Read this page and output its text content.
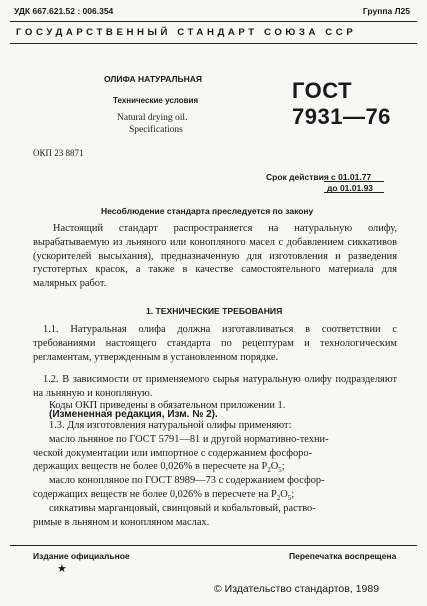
УДК 667.621.52 : 006.354	Группа Л25
ГОСУДАРСТВЕННЫЙ СТАНДАРТ СОЮЗА ССР
ОЛИФА НАТУРАЛЬНАЯ
Технические условия
Natural drying oil.
Specifications
ГОСТ
7931—76
ОКП 23 8871
Срок действия с 01.01.77
до 01.01.93
Несоблюдение стандарта преследуется по закону
Настоящий стандарт распространяется на натуральную олифу, вырабатываемую из льняного или конопляного масел с добавлением сиккативов (ускорителей высыхания), предназначенную для изготовления и разведения густотертых красок, а также в качестве самостоятельного материала для малярных работ.
1. ТЕХНИЧЕСКИЕ ТРЕБОВАНИЯ
1.1. Натуральная олифа должна изготавливаться в соответствии с требованиями настоящего стандарта по рецептурам и технологическим регламентам, утвержденным в установленном порядке.
1.2. В зависимости от применяемого сырья натуральную олифу подразделяют на льняную и конопляную.
Коды ОКП приведены в обязательном приложении 1.
(Измененная редакция, Изм. № 2).
1.3. Для изготовления натуральной олифы применяют:
масло льняное по ГОСТ 5791—81 и другой нормативно-техни-
ческой документации или импортное с содержанием фосфоро-
держащих веществ не более 0,026% в пересчете на $P_2O_5$;
масло конопляное по ГОСТ 8989—73 с содержанием фосфор-
содержащих веществ не более 0,026% в пересчете на $P_2O_5$;
сиккативы марганцовый, свинцовый и кобальтовый, раство-
римые в льняном и конопляном маслах.
Издание официальное
★
Перепечатка воспрещена
© Издательство стандартов, 1989
